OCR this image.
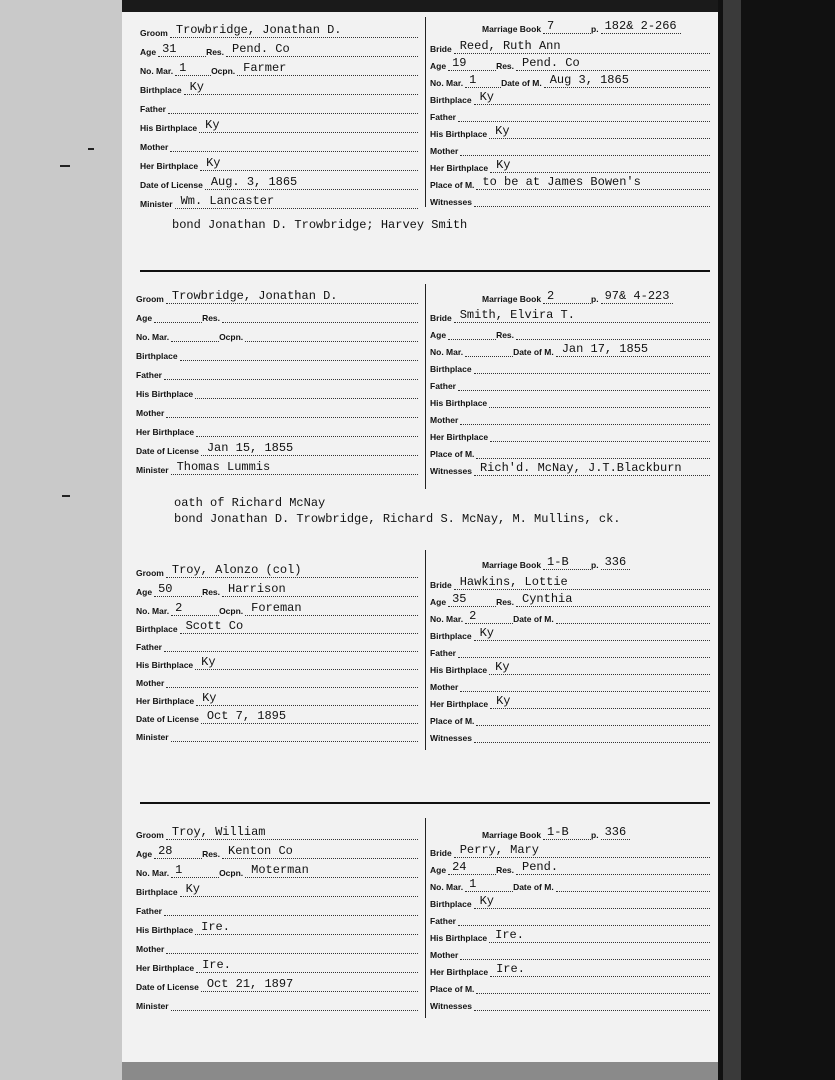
Groom Trowbridge, Jonathan D.
Age 31	Res. Pend. Co
No. Mar. 1	Ocpn. Farmer
Birthplace Ky
Father
His Birthplace Ky
Mother
Her Birthplace Ky
Date of License Aug. 3, 1865
Minister Wm. Lancaster
Marriage Book 7	p. 182& 2-266
Bride Reed, Ruth Ann
Age 19	Res. Pend. Co
No. Mar. 1	Date of M. Aug 3, 1865
Birthplace Ky
Father
His Birthplace Ky
Mother
Her Birthplace Ky
Place of M. to be at James Bowen's
Witnesses
bond Jonathan D. Trowbridge; Harvey Smith
Groom Trowbridge, Jonathan D.
Age	Res.
No. Mar.	Ocpn.
Birthplace
Father
His Birthplace
Mother
Her Birthplace
Date of License Jan 15, 1855
Minister Thomas Lummis
Marriage Book 2	p. 97& 4-223
Bride Smith, Elvira T.
Age	Res.
No. Mar.	Date of M. Jan 17, 1855
Birthplace
Father
His Birthplace
Mother
Her Birthplace
Place of M.
Witnesses Rich'd. McNay, J.T.Blackburn
oath of Richard McNay
bond Jonathan D. Trowbridge, Richard S. McNay, M. Mullins, ck.
Groom Troy, Alonzo (col)
Age 50	Res. Harrison
No. Mar. 2	Ocpn. Foreman
Birthplace Scott Co
Father
His Birthplace Ky
Mother
Her Birthplace Ky
Date of License Oct 7, 1895
Minister
Marriage Book 1-B	p. 336
Bride Hawkins, Lottie
Age 35	Res. Cynthia
No. Mar. 2	Date of M.
Birthplace Ky
Father
His Birthplace Ky
Mother
Her Birthplace Ky
Place of M.
Witnesses
Groom Troy, William
Age 28	Res. Kenton Co
No. Mar. 1	Ocpn. Moterman
Birthplace Ky
Father
His Birthplace Ire.
Mother
Her Birthplace Ire.
Date of License Oct 21, 1897
Minister
Marriage Book 1-B	p. 336
Bride Perry, Mary
Age 24	Res. Pend.
No. Mar. 1	Date of M.
Birthplace Ky
Father
His Birthplace Ire.
Mother
Her Birthplace Ire.
Place of M.
Witnesses
